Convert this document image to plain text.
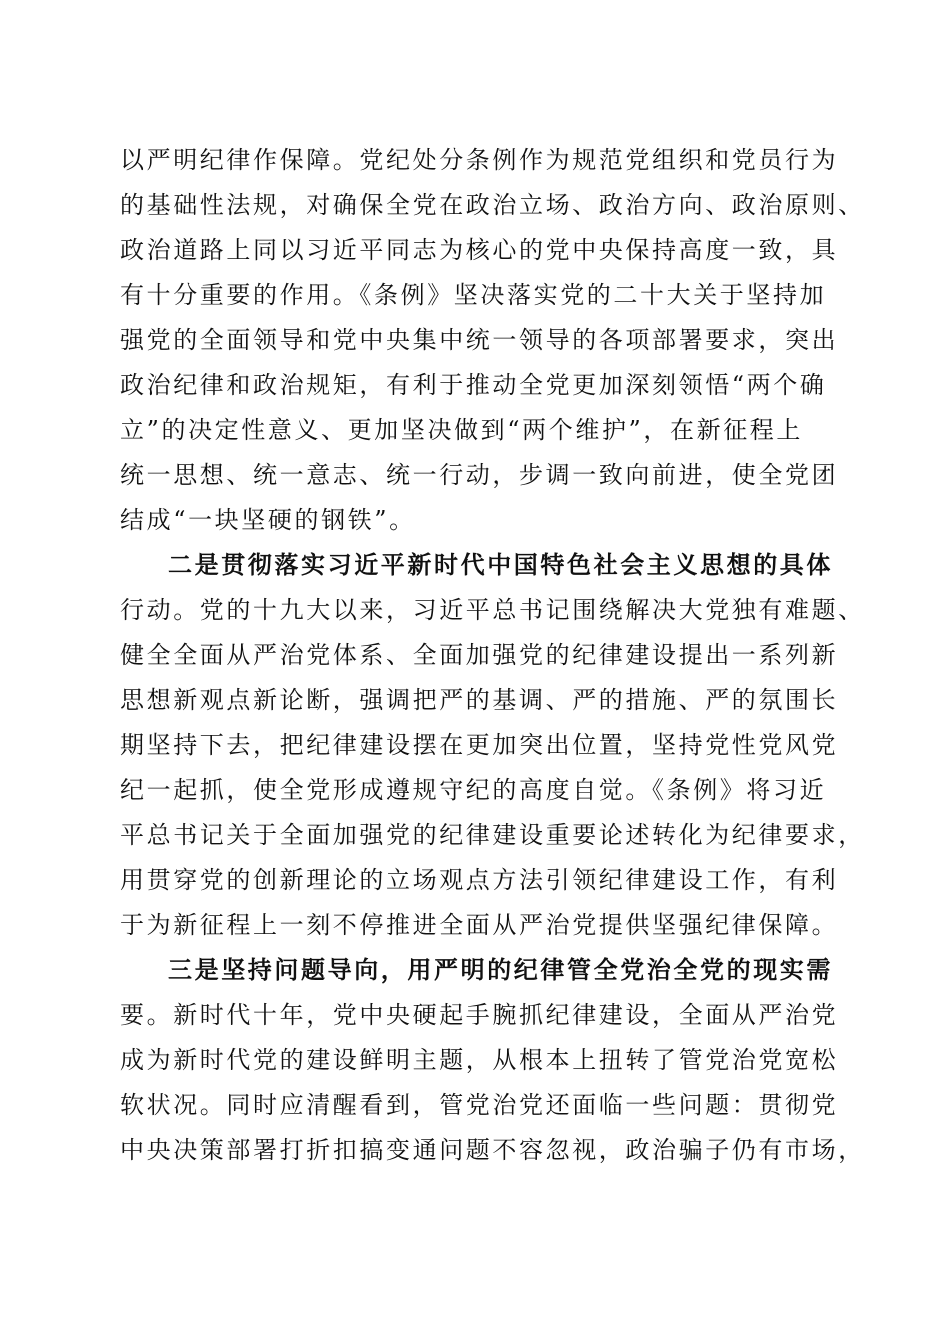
以严明纪律作保障。党纪处分条例作为规范党组织和党员行为
的基础性法规，对确保全党在政治立场、政治方向、政治原则、
政治道路上同以习近平同志为核心的党中央保持高度一致，具
有十分重要的作用。《条例》坚决落实党的二十大关于坚持加
强党的全面领导和党中央集中统一领导的各项部署要求，突出
政治纪律和政治规矩，有利于推动全党更加深刻领悟“两个确
立”的决定性意义、更加坚决做到“两个维护”，在新征程上
统一思想、统一意志、统一行动，步调一致向前进，使全党团
结成“一块坚硬的钢铁”。
二是贯彻落实习近平新时代中国特色社会主义思想的具体
行动。党的十九大以来，习近平总书记围绕解决大党独有难题、
健全全面从严治党体系、全面加强党的纪律建设提出一系列新
思想新观点新论断，强调把严的基调、严的措施、严的氛围长
期坚持下去，把纪律建设摆在更加突出位置，坚持党性党风党
纪一起抓，使全党形成遵规守纪的高度自觉。《条例》将习近
平总书记关于全面加强党的纪律建设重要论述转化为纪律要求，
用贯穿党的创新理论的立场观点方法引领纪律建设工作，有利
于为新征程上一刻不停推进全面从严治党提供坚强纪律保障。
三是坚持问题导向，用严明的纪律管全党治全党的现实需
要。新时代十年，党中央硬起手腕抓纪律建设，全面从严治党
成为新时代党的建设鲜明主题，从根本上扭转了管党治党宽松
软状况。同时应清醒看到，管党治党还面临一些问题：贯彻党
中央决策部署打折扣搞变通问题不容忽视，政治骗子仍有市场，
